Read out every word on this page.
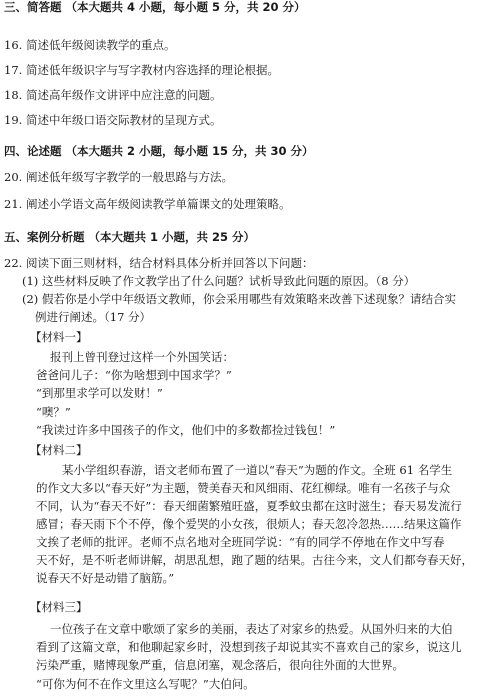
三、简答题 （本大题共 4 小题，每小题 5 分，共 20 分）
16. 简述低年级阅读教学的重点。
17. 简述低年级识字与写字教材内容选择的理论根据。
18. 简述高年级作文讲评中应注意的问题。
19. 简述中年级口语交际教材的呈现方式。
四、论述题 （本大题共 2 小题，每小题 15 分，共 30 分）
20. 阐述低年级写字教学的一般思路与方法。
21. 阐述小学语文高年级阅读教学单篇课文的处理策略。
五、案例分析题 （本大题共 1 小题，共 25 分）
22. 阅读下面三则材料，结合材料具体分析并回答以下问题：
(1) 这些材料反映了作文教学出了什么问题？试析导致此问题的原因。（8 分）
(2) 假若你是小学中年级语文教师，你会采用哪些有效策略来改善下述现象？请结合实
例进行阐述。（17 分）
【材料一】
报刊上曾刊登过这样一个外国笑话：
爸爸问儿子：“你为啥想到中国求学？”
“到那里求学可以发财！”
“噢？”
“我读过许多中国孩子的作文，他们中的多数都捡过钱包！”
【材料二】
某小学组织春游，语文老师布置了一道以“春天”为题的作文。全班 61 名学生
的作文大多以“春天好”为主题，赞美春天和风细雨、花红柳绿。唯有一名孩子与众
不同，认为“春天不好”：春天细菌繁殖旺盛，夏季蚊虫都在这时滋生；春天易发流行
感冒；春天雨下个不停，像个爱哭的小女孩，很烦人；春天忽冷忽热……结果这篇作
文挨了老师的批评。老师不点名地对全班同学说：“有的同学不停地在作文中写春
天不好，是不听老师讲解，胡思乱想，跑了题的结果。古往今来，文人们都夸春天好，
说春天不好是动错了脑筋。”
【材料三】
一位孩子在文章中歌颂了家乡的美丽，表达了对家乡的热爱。从国外归来的大伯
看到了这篇文章，和他聊起家乡时，没想到孩子却说其实不喜欢自己的家乡，说这儿
污染严重，赌博现象严重，信息闭塞，观念落后，很向往外面的大世界。
“可你为何不在作文里这么写呢？”大伯问。
